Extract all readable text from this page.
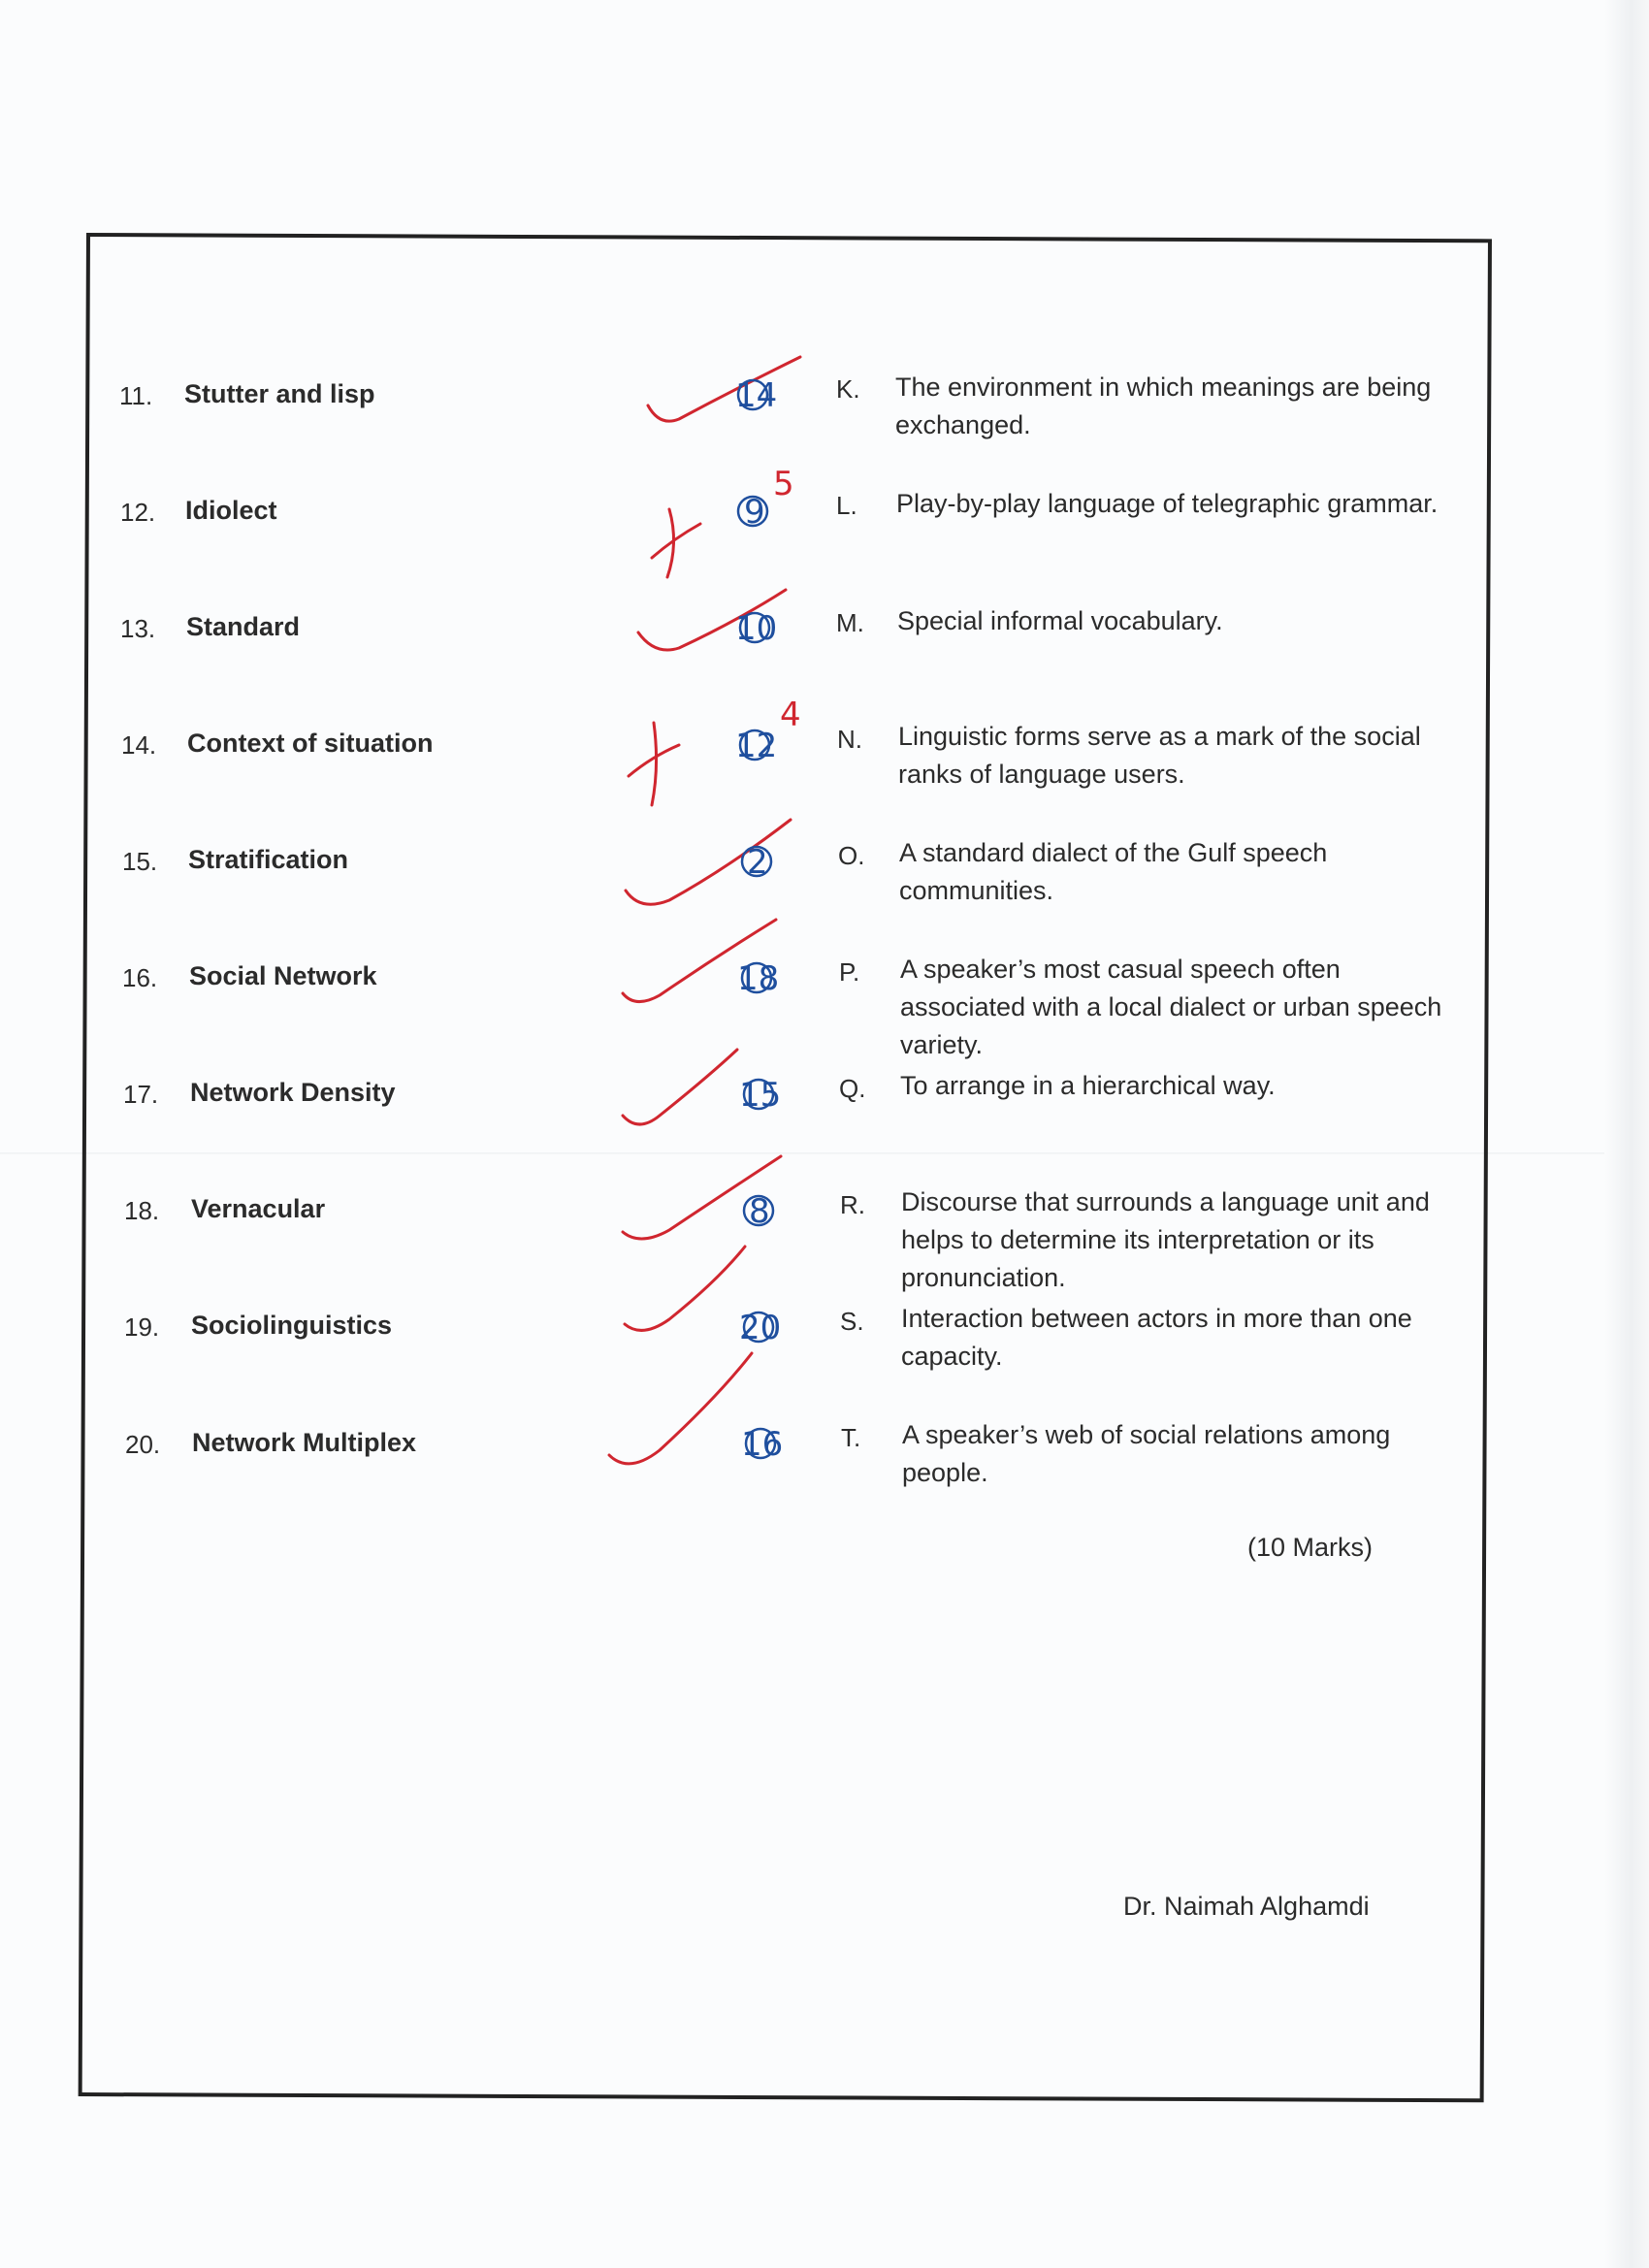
11. Stutter and lisp
12. Idiolect
13. Standard
14. Context of situation
15. Stratification
16. Social Network
17. Network Density
18. Vernacular
19. Sociolinguistics
20. Network Multiplex
K. The environment in which meanings are being
exchanged.
L. Play-by-play language of telegraphic grammar.
M. Special informal vocabulary.
N. Linguistic forms serve as a mark of the social
ranks of language users.
O. A standard dialect of the Gulf speech
communities.
P. A speaker’s most casual speech often
associated with a local dialect or urban speech
variety.
Q. To arrange in a hierarchical way.
R. Discourse that surrounds a language unit and
helps to determine its interpretation or its
pronunciation.
S. Interaction between actors in more than one
capacity.
T. A speaker’s web of social relations among
people.
(10 Marks)
Dr. Naimah Alghamdi
14
9
10
12
2
18
15
8
20
16
5
4
